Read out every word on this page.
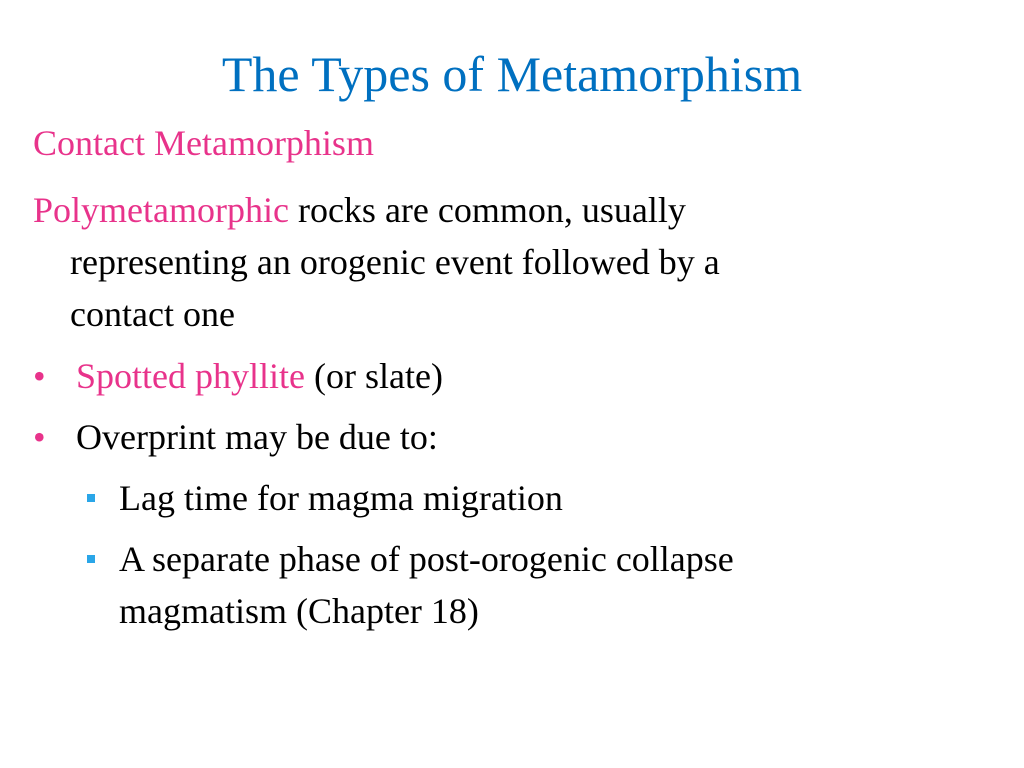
The Types of Metamorphism
Contact Metamorphism

Polymetamorphic rocks are common, usually
representing an orogenic event followed by a
contact one

• Spotted phyllite (or slate)
• Overprint may be due to:
Lag time for magma migration
A separate phase of post-orogenic collapse
magmatism (Chapter 18)
